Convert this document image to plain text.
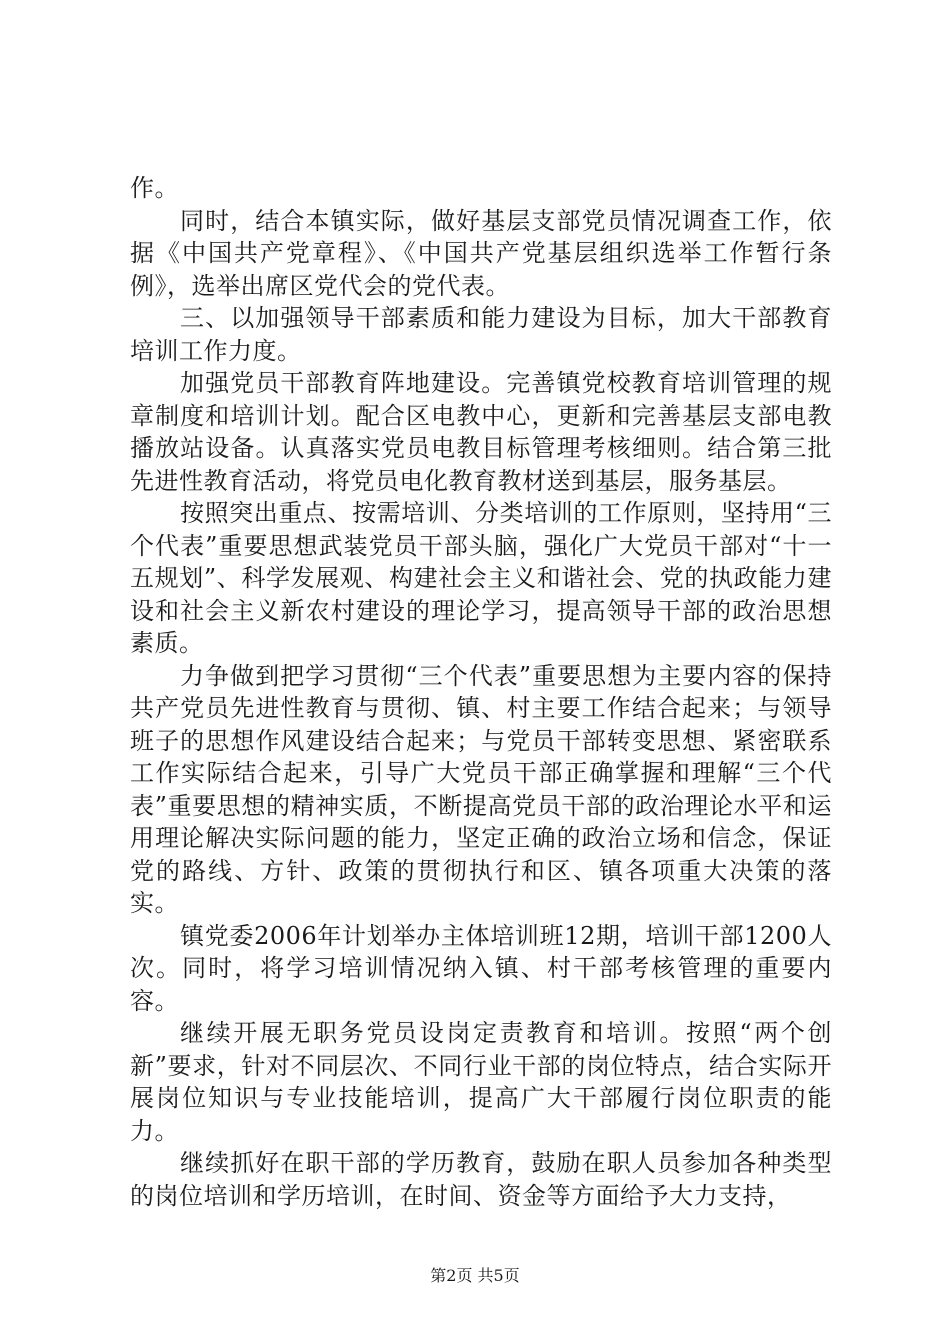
作。

同时，结合本镇实际，做好基层支部党员情况调查工作，依据《中国共产党章程》、《中国共产党基层组织选举工作暂行条例》，选举出席区党代会的党代表。

三、以加强领导干部素质和能力建设为目标，加大干部教育培训工作力度。

加强党员干部教育阵地建设。完善镇党校教育培训管理的规章制度和培训计划。配合区电教中心，更新和完善基层支部电教播放站设备。认真落实党员电教目标管理考核细则。结合第三批先进性教育活动，将党员电化教育教材送到基层，服务基层。

按照突出重点、按需培训、分类培训的工作原则，坚持用“三个代表”重要思想武装党员干部头脑，强化广大党员干部对“十一五规划”、科学发展观、构建社会主义和谐社会、党的执政能力建设和社会主义新农村建设的理论学习，提高领导干部的政治思想素质。

力争做到把学习贯彻“三个代表”重要思想为主要内容的保持共产党员先进性教育与贯彻、镇、村主要工作结合起来；与领导班子的思想作风建设结合起来；与党员干部转变思想、紧密联系工作实际结合起来，引导广大党员干部正确掌握和理解“三个代表”重要思想的精神实质，不断提高党员干部的政治理论水平和运用理论解决实际问题的能力，坚定正确的政治立场和信念，保证党的路线、方针、政策的贯彻执行和区、镇各项重大决策的落实。

镇党委2006年计划举办主体培训班12期，培训干部1200人次。同时，将学习培训情况纳入镇、村干部考核管理的重要内容。

继续开展无职务党员设岗定责教育和培训。按照“两个创新”要求，针对不同层次、不同行业干部的岗位特点，结合实际开展岗位知识与专业技能培训，提高广大干部履行岗位职责的能力。

继续抓好在职干部的学历教育，鼓励在职人员参加各种类型的岗位培训和学历培训，在时间、资金等方面给予大力支持，

第2页 共5页
